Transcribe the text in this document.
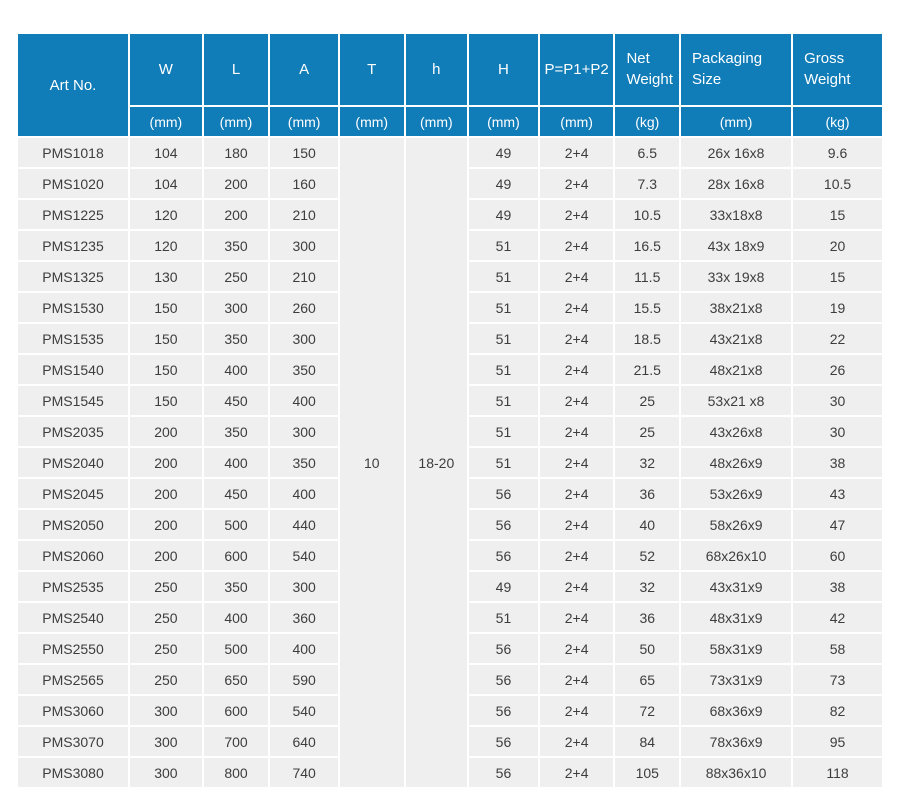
Art No.	W	L	A	T	h	H	P=P1+P2	Net Weight	Packaging Size	Gross Weight
	(mm)	(mm)	(mm)	(mm)	(mm)	(mm)	(mm)	(kg)	(mm)	(kg)
PMS1018	104	180	150	10	18-20	49	2+4	6.5	26x 16x8	9.6
PMS1020	104	200	160			49	2+4	7.3	28x 16x8	10.5
PMS1225	120	200	210			49	2+4	10.5	33x18x8	15
PMS1235	120	350	300			51	2+4	16.5	43x 18x9	20
PMS1325	130	250	210			51	2+4	11.5	33x 19x8	15
PMS1530	150	300	260			51	2+4	15.5	38x21x8	19
PMS1535	150	350	300			51	2+4	18.5	43x21x8	22
PMS1540	150	400	350			51	2+4	21.5	48x21x8	26
PMS1545	150	450	400			51	2+4	25	53x21 x8	30
PMS2035	200	350	300			51	2+4	25	43x26x8	30
PMS2040	200	400	350			51	2+4	32	48x26x9	38
PMS2045	200	450	400			56	2+4	36	53x26x9	43
PMS2050	200	500	440			56	2+4	40	58x26x9	47
PMS2060	200	600	540			56	2+4	52	68x26x10	60
PMS2535	250	350	300			49	2+4	32	43x31x9	38
PMS2540	250	400	360			51	2+4	36	48x31x9	42
PMS2550	250	500	400			56	2+4	50	58x31x9	58
PMS2565	250	650	590			56	2+4	65	73x31x9	73
PMS3060	300	600	540			56	2+4	72	68x36x9	82
PMS3070	300	700	640			56	2+4	84	78x36x9	95
PMS3080	300	800	740			56	2+4	105	88x36x10	118
